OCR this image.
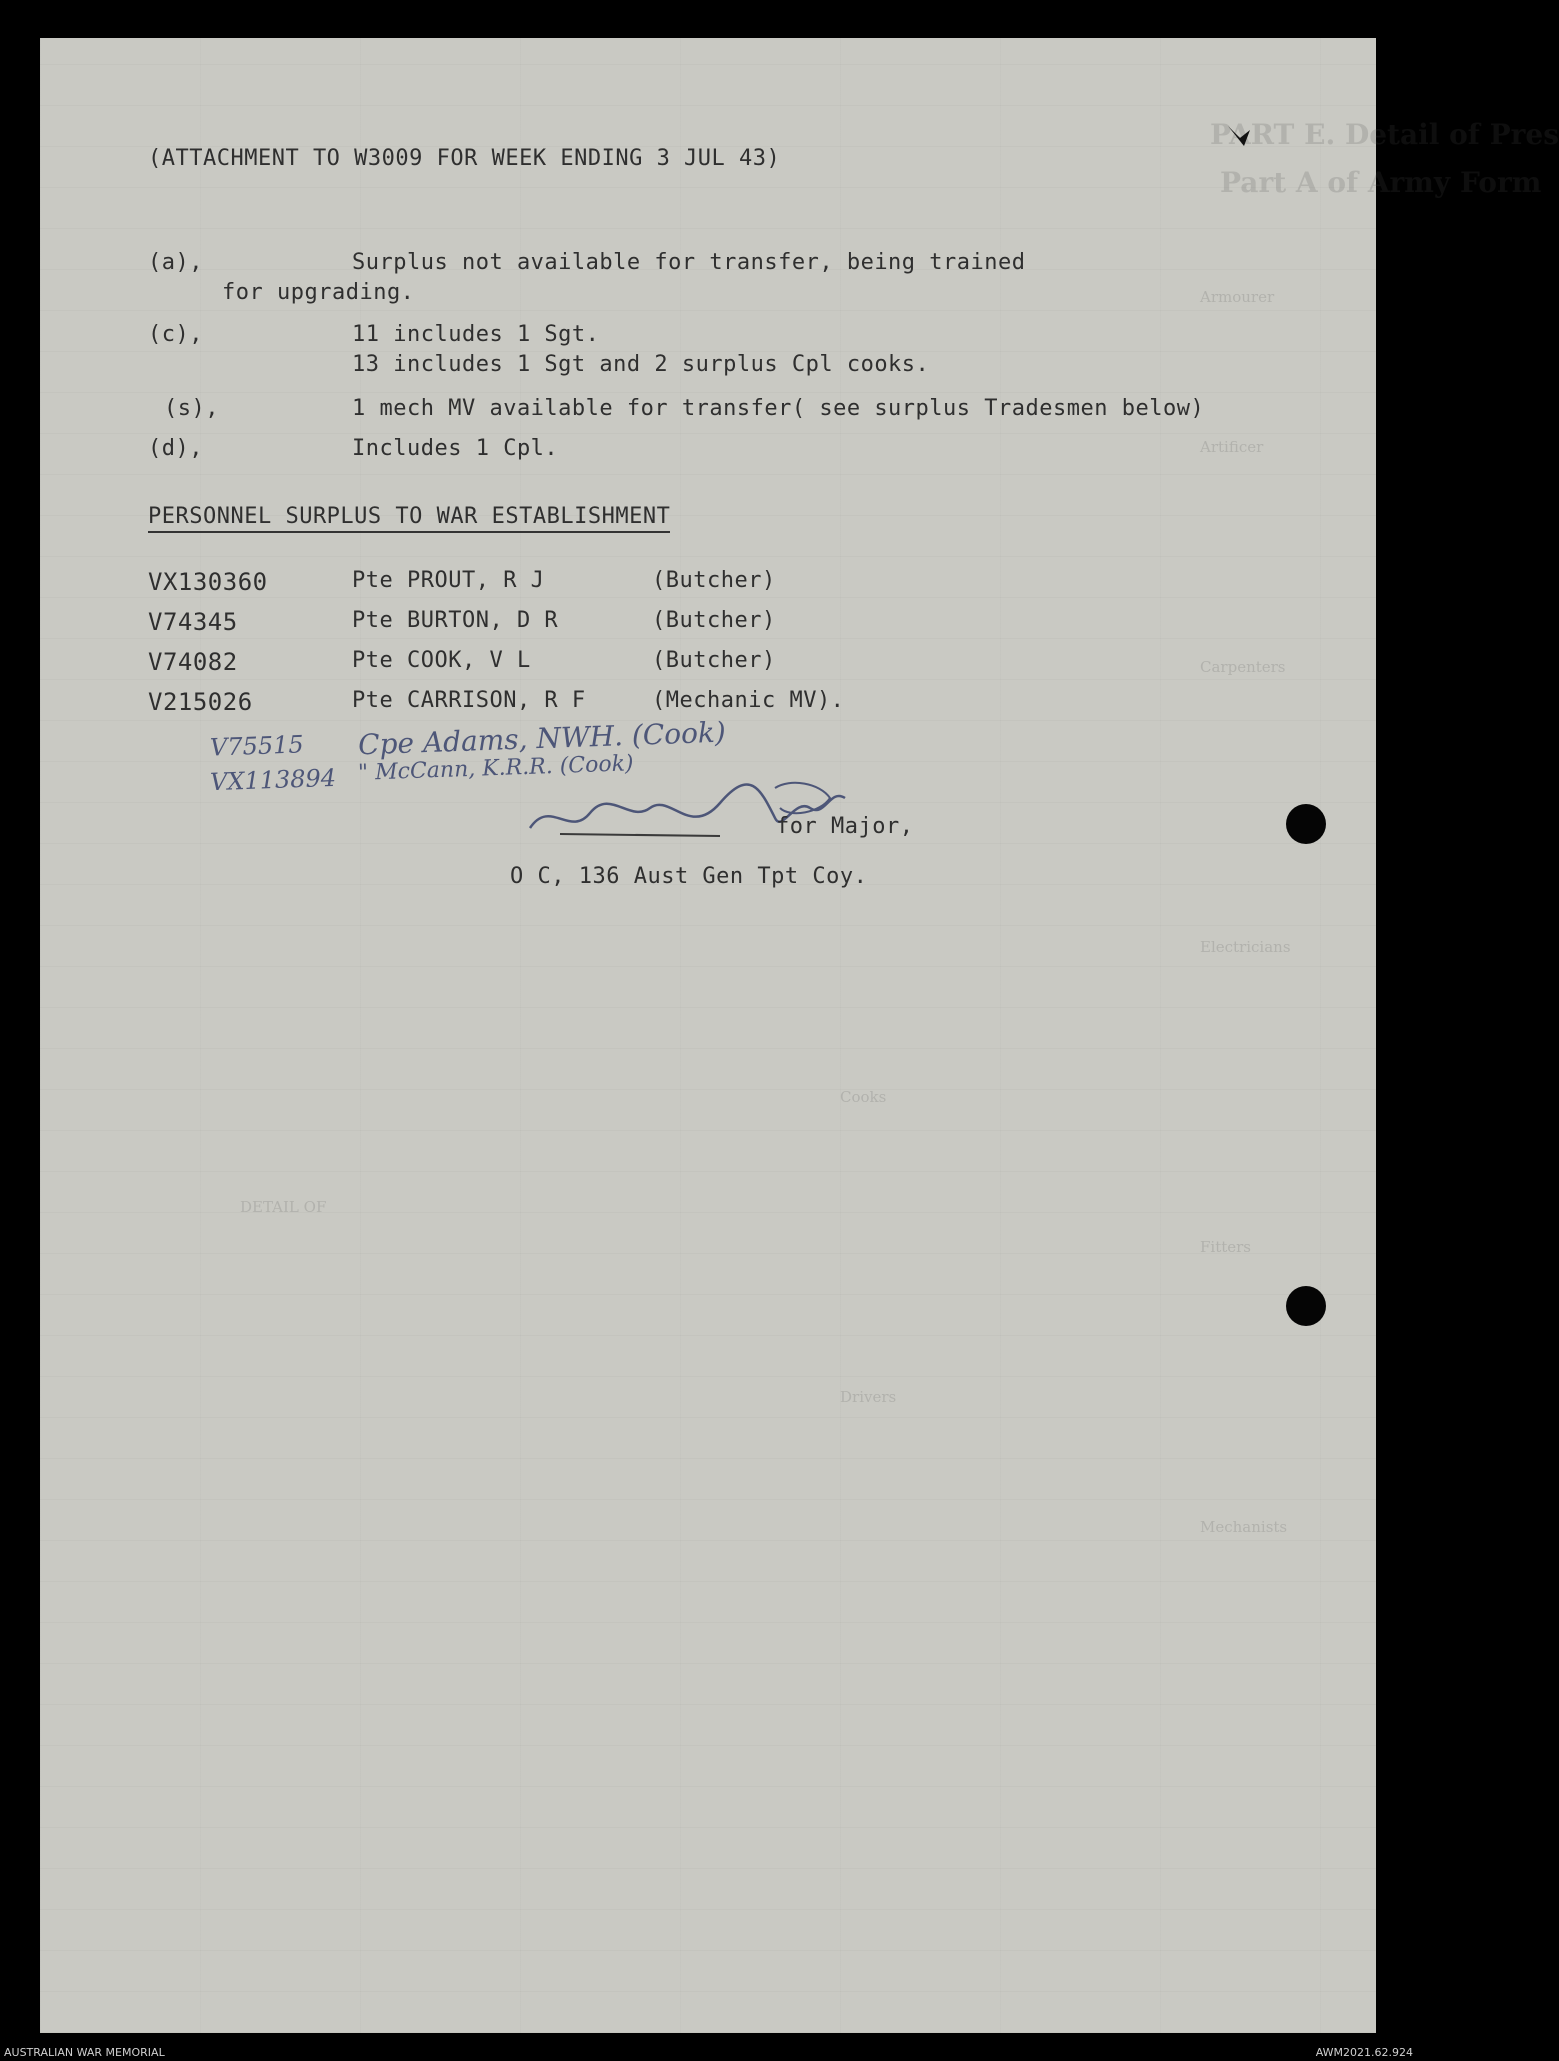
PART E. Detail of Pres
Part A of Army Form
Armourer
Artificer
Carpenters
Electricians
Fitters
Mechanists
Cooks
Drivers
DETAIL OF
(ATTACHMENT TO W3009 FOR WEEK ENDING 3 JUL 43)
(a),	Surplus not available for transfer, being trained
for upgrading.
(c),	11 includes 1 Sgt.
13 includes 1 Sgt and 2 surplus Cpl cooks.
(s),	1 mech MV available for transfer( see surplus Tradesmen below)
(d),	Includes 1 Cpl.
PERSONNEL SURPLUS TO WAR ESTABLISHMENT
VX130360	Pte PROUT, R J	(Butcher)
V74345	Pte BURTON, D R	(Butcher)
V74082	Pte COOK, V L	(Butcher)
V215026	Pte CARRISON, R F	(Mechanic MV).
V75515 Cpe Adams, NWH. (Cook)
VX113894 " McCann, K.R.R. (Cook)
for Major,
O C, 136 Aust Gen Tpt Coy.
AUSTRALIAN WAR MEMORIAL	AWM2021.62.924
